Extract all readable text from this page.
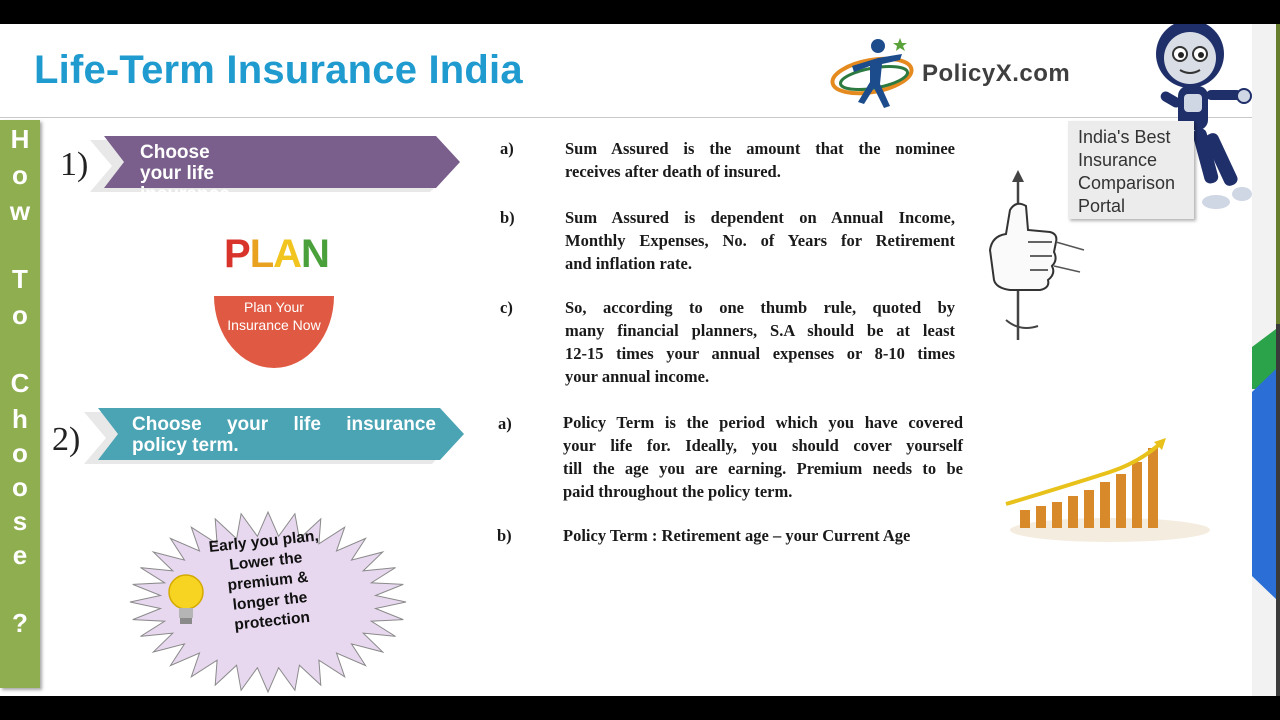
Life-Term Insurance India	PolicyX.com
India's Best
Insurance
Comparison
Portal
H
o
w
T
o
C
h
o
o
s
e
?
1)	Choose your life insurance
coverage :- Sum Assured
a)	Sum Assured is the amount that the nominee
receives after death of insured.
b)	Sum Assured is dependent on Annual Income,
Monthly Expenses, No. of Years for Retirement
and inflation rate.
c)	So, according to one thumb rule, quoted by
many financial planners, S.A should be at least
12-15 times your annual expenses or 8-10 times
your annual income.
PLAN
Plan Your
Insurance Now
2)	Choose your life insurance
policy term.
a)	Policy Term is the period which you have covered
your life for. Ideally, you should cover yourself
till the age you are earning. Premium needs to be
paid throughout the policy term.
b)	Policy Term : Retirement age – your Current Age
Early you plan,
Lower the
premium &
longer the
protection
